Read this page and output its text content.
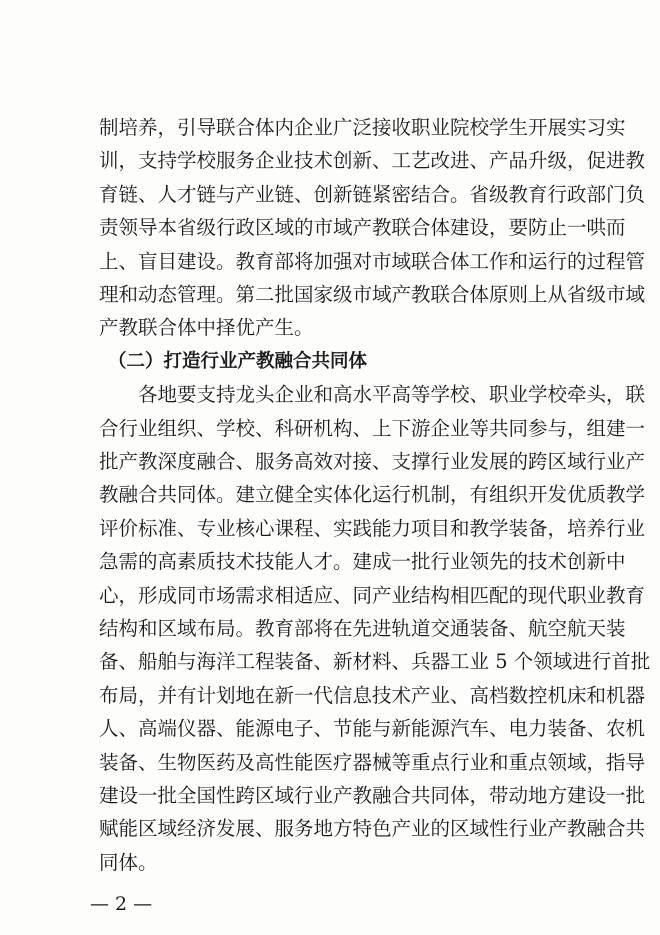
制培养，引导联合体内企业广泛接收职业院校学生开展实习实
训，支持学校服务企业技术创新、工艺改进、产品升级，促进教
育链、人才链与产业链、创新链紧密结合。省级教育行政部门负
责领导本省级行政区域的市域产教联合体建设，要防止一哄而
上、盲目建设。教育部将加强对市域联合体工作和运行的过程管
理和动态管理。第二批国家级市域产教联合体原则上从省级市域
产教联合体中择优产生。
（二）打造行业产教融合共同体
各地要支持龙头企业和高水平高等学校、职业学校牵头，联
合行业组织、学校、科研机构、上下游企业等共同参与，组建一
批产教深度融合、服务高效对接、支撑行业发展的跨区域行业产
教融合共同体。建立健全实体化运行机制，有组织开发优质教学
评价标准、专业核心课程、实践能力项目和教学装备，培养行业
急需的高素质技术技能人才。建成一批行业领先的技术创新中
心，形成同市场需求相适应、同产业结构相匹配的现代职业教育
结构和区域布局。教育部将在先进轨道交通装备、航空航天装
备、船舶与海洋工程装备、新材料、兵器工业 5 个领域进行首批
布局，并有计划地在新一代信息技术产业、高档数控机床和机器
人、高端仪器、能源电子、节能与新能源汽车、电力装备、农机
装备、生物医药及高性能医疗器械等重点行业和重点领域，指导
建设一批全国性跨区域行业产教融合共同体，带动地方建设一批
赋能区域经济发展、服务地方特色产业的区域性行业产教融合共
同体。
— 2 —
